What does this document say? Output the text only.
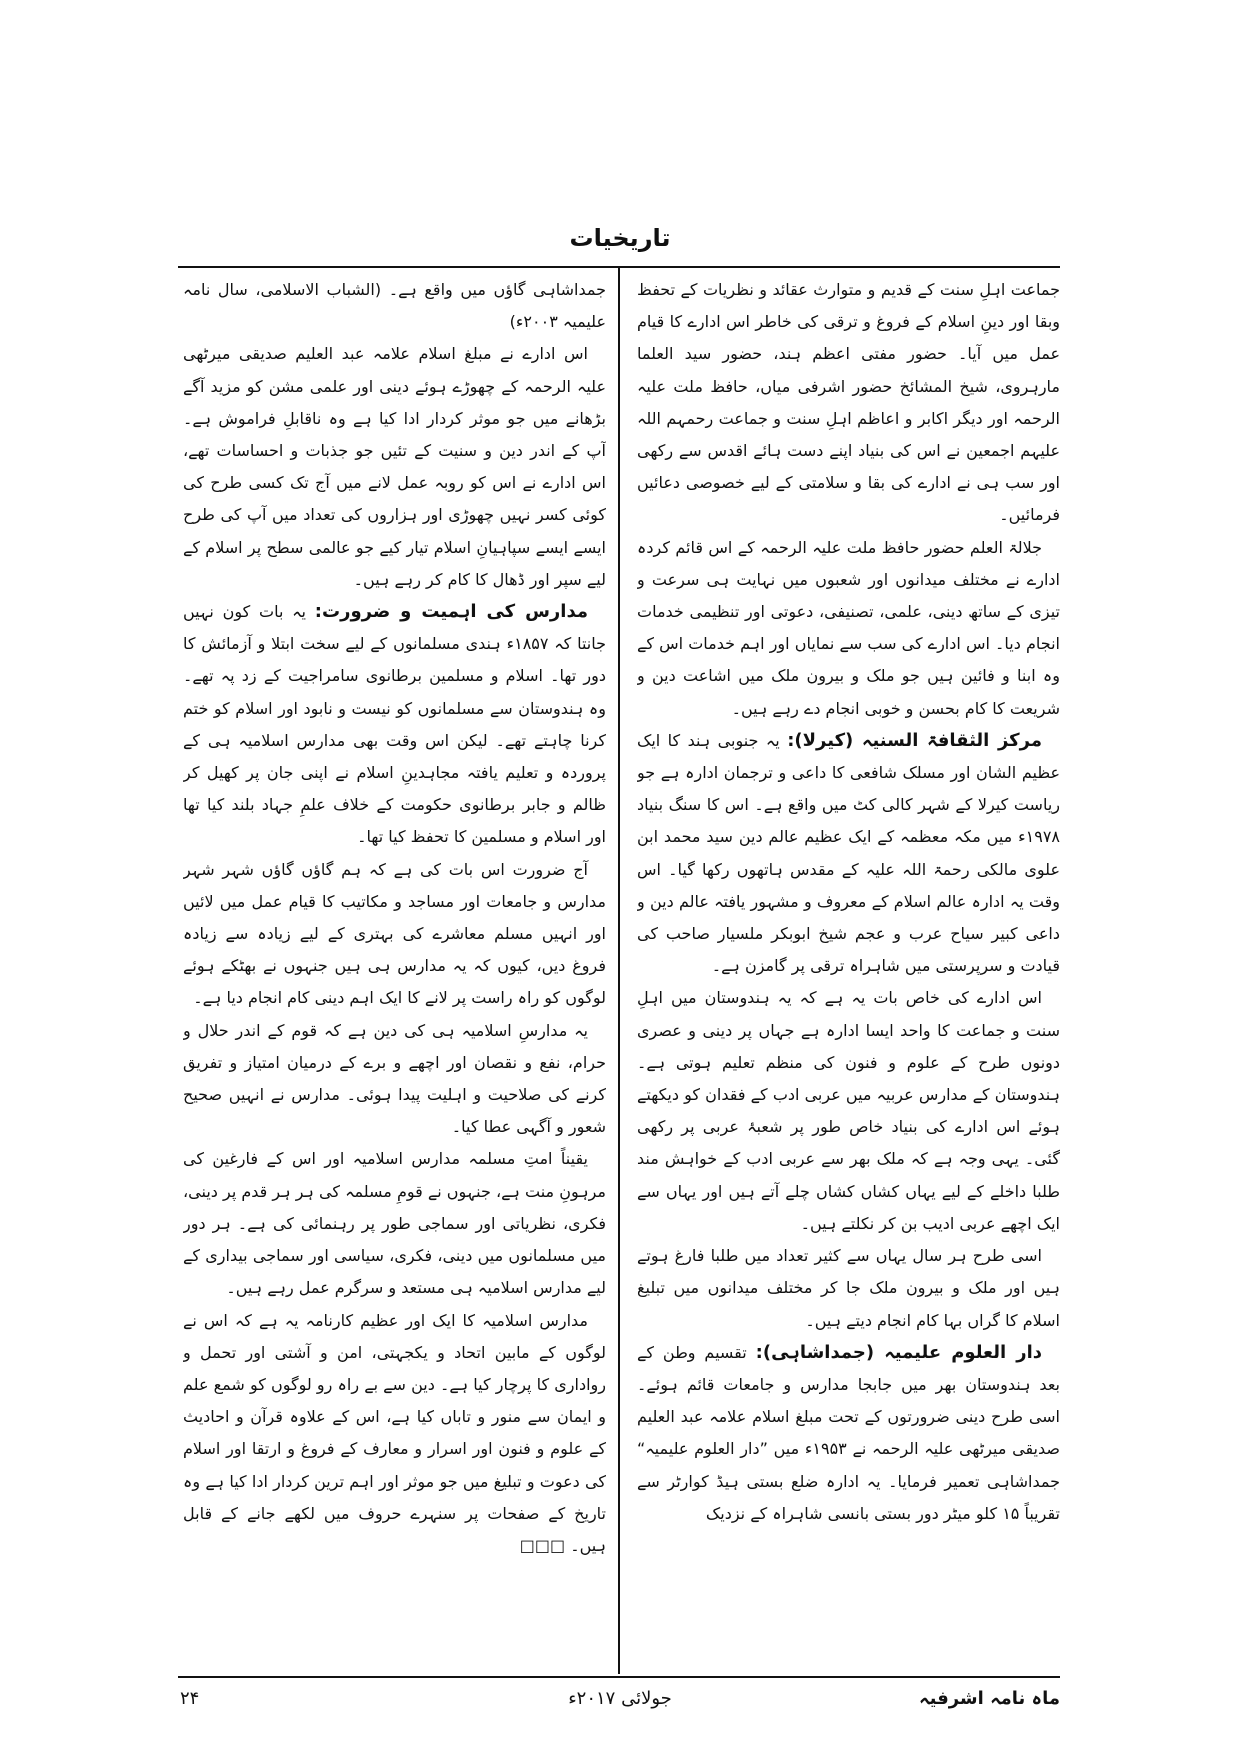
تاریخیات

جماعت اہلِ سنت کے قدیم و متوارث عقائد و نظریات کے تحفظ وبقا اور دینِ اسلام کے فروغ و ترقی کی خاطر اس ادارے کا قیام عمل میں آیا۔ حضور مفتی اعظم ہند، حضور سید العلما مارہروی، شیخ المشائخ حضور اشرفی میاں، حافظ ملت علیہ الرحمہ اور دیگر اکابر و اعاظم اہلِ سنت و جماعت رحمہم اللہ علیہم اجمعین نے اس کی بنیاد اپنے دست ہائے اقدس سے رکھی اور سب ہی نے ادارے کی بقا و سلامتی کے لیے خصوصی دعائیں فرمائیں۔

جلالۃ العلم حضور حافظ ملت علیہ الرحمہ کے اس قائم کردہ ادارے نے مختلف میدانوں اور شعبوں میں نہایت ہی سرعت و تیزی کے ساتھ دینی، علمی، تصنیفی، دعوتی اور تنظیمی خدمات انجام دیا۔ اس ادارے کی سب سے نمایاں اور اہم خدمات اس کے وہ ابنا و فائین ہیں جو ملک و بیرون ملک میں اشاعت دین و شریعت کا کام بحسن و خوبی انجام دے رہے ہیں۔

مرکز الثقافۃ السنیہ (کیرلا): یہ جنوبی ہند کا ایک عظیم الشان اور مسلک شافعی کا داعی و ترجمان ادارہ ہے جو ریاست کیرلا کے شہر کالی کٹ میں واقع ہے۔ اس کا سنگ بنیاد ۱۹۷۸ء میں مکہ معظمہ کے ایک عظیم عالم دین سید محمد ابن علوی مالکی رحمۃ اللہ علیہ کے مقدس ہاتھوں رکھا گیا۔ اس وقت یہ ادارہ عالم اسلام کے معروف و مشہور یافتہ عالم دین و داعی کبیر سیاح عرب و عجم شیخ ابوبکر ملسیار صاحب کی قیادت و سرپرستی میں شاہراہ ترقی پر گامزن ہے۔

اس ادارے کی خاص بات یہ ہے کہ یہ ہندوستان میں اہلِ سنت و جماعت کا واحد ایسا ادارہ ہے جہاں پر دینی و عصری دونوں طرح کے علوم و فنون کی منظم تعلیم ہوتی ہے۔ ہندوستان کے مدارس عربیہ میں عربی ادب کے فقدان کو دیکھتے ہوئے اس ادارے کی بنیاد خاص طور پر شعبۂ عربی پر رکھی گئی۔ یہی وجہ ہے کہ ملک بھر سے عربی ادب کے خواہش مند طلبا داخلے کے لیے یہاں کشاں کشاں چلے آتے ہیں اور یہاں سے ایک اچھے عربی ادیب بن کر نکلتے ہیں۔

اسی طرح ہر سال یہاں سے کثیر تعداد میں طلبا فارغ ہوتے ہیں اور ملک و بیرون ملک جا کر مختلف میدانوں میں تبلیغ اسلام کا گراں بہا کام انجام دیتے ہیں۔

دار العلوم علیمیہ (جمداشاہی): تقسیم وطن کے بعد ہندوستان بھر میں جابجا مدارس و جامعات قائم ہوئے۔ اسی طرح دینی ضرورتوں کے تحت مبلغ اسلام علامہ عبد العلیم صدیقی میرٹھی علیہ الرحمہ نے ۱۹۵۳ء میں ”دار العلوم علیمیہ“ جمداشاہی تعمیر فرمایا۔ یہ ادارہ ضلع بستی ہیڈ کوارٹر سے تقریباً ۱۵ کلو میٹر دور بستی بانسی شاہراہ کے نزدیک

جمداشاہی گاؤں میں واقع ہے۔ (الشباب الاسلامی، سال نامہ علیمیہ ۲۰۰۳ء)

اس ادارے نے مبلغ اسلام علامہ عبد العلیم صدیقی میرٹھی علیہ الرحمہ کے چھوڑے ہوئے دینی اور علمی مشن کو مزید آگے بڑھانے میں جو موثر کردار ادا کیا ہے وہ ناقابلِ فراموش ہے۔ آپ کے اندر دین و سنیت کے تئیں جو جذبات و احساسات تھے، اس ادارے نے اس کو روبہ عمل لانے میں آج تک کسی طرح کی کوئی کسر نہیں چھوڑی اور ہزاروں کی تعداد میں آپ کی طرح ایسے ایسے سپاہیانِ اسلام تیار کیے جو عالمی سطح پر اسلام کے لیے سپر اور ڈھال کا کام کر رہے ہیں۔

مدارس کی اہمیت و ضرورت: یہ بات کون نہیں جانتا کہ ۱۸۵۷ء ہندی مسلمانوں کے لیے سخت ابتلا و آزمائش کا دور تھا۔ اسلام و مسلمین برطانوی سامراجیت کے زد پہ تھے۔ وہ ہندوستان سے مسلمانوں کو نیست و نابود اور اسلام کو ختم کرنا چاہتے تھے۔ لیکن اس وقت بھی مدارس اسلامیہ ہی کے پروردہ و تعلیم یافتہ مجاہدینِ اسلام نے اپنی جان پر کھیل کر ظالم و جابر برطانوی حکومت کے خلاف علمِ جہاد بلند کیا تھا اور اسلام و مسلمین کا تحفظ کیا تھا۔

آج ضرورت اس بات کی ہے کہ ہم گاؤں گاؤں شہر شہر مدارس و جامعات اور مساجد و مکاتیب کا قیام عمل میں لائیں اور انہیں مسلم معاشرے کی بہتری کے لیے زیادہ سے زیادہ فروغ دیں، کیوں کہ یہ مدارس ہی ہیں جنہوں نے بھٹکے ہوئے لوگوں کو راہ راست پر لانے کا ایک اہم دینی کام انجام دیا ہے۔

یہ مدارسِ اسلامیہ ہی کی دین ہے کہ قوم کے اندر حلال و حرام، نفع و نقصان اور اچھے و برے کے درمیان امتیاز و تفریق کرنے کی صلاحیت و اہلیت پیدا ہوئی۔ مدارس نے انہیں صحیح شعور و آگہی عطا کیا۔

یقیناً امتِ مسلمہ مدارس اسلامیہ اور اس کے فارغین کی مرہونِ منت ہے، جنہوں نے قومِ مسلمہ کی ہر ہر قدم پر دینی، فکری، نظریاتی اور سماجی طور پر رہنمائی کی ہے۔ ہر دور میں مسلمانوں میں دینی، فکری، سیاسی اور سماجی بیداری کے لیے مدارس اسلامیہ ہی مستعد و سرگرم عمل رہے ہیں۔

مدارس اسلامیہ کا ایک اور عظیم کارنامہ یہ ہے کہ اس نے لوگوں کے مابین اتحاد و یکجہتی، امن و آشتی اور تحمل و رواداری کا پرچار کیا ہے۔ دین سے بے راہ رو لوگوں کو شمع علم و ایمان سے منور و تاباں کیا ہے، اس کے علاوہ قرآن و احادیث کے علوم و فنون اور اسرار و معارف کے فروغ و ارتقا اور اسلام کی دعوت و تبلیغ میں جو موثر اور اہم ترین کردار ادا کیا ہے وہ تاریخ کے صفحات پر سنہرے حروف میں لکھے جانے کے قابل ہیں۔ □□□

ماہ نامہ اشرفیہ

جولائی ۲۰۱۷ء

۲۴
